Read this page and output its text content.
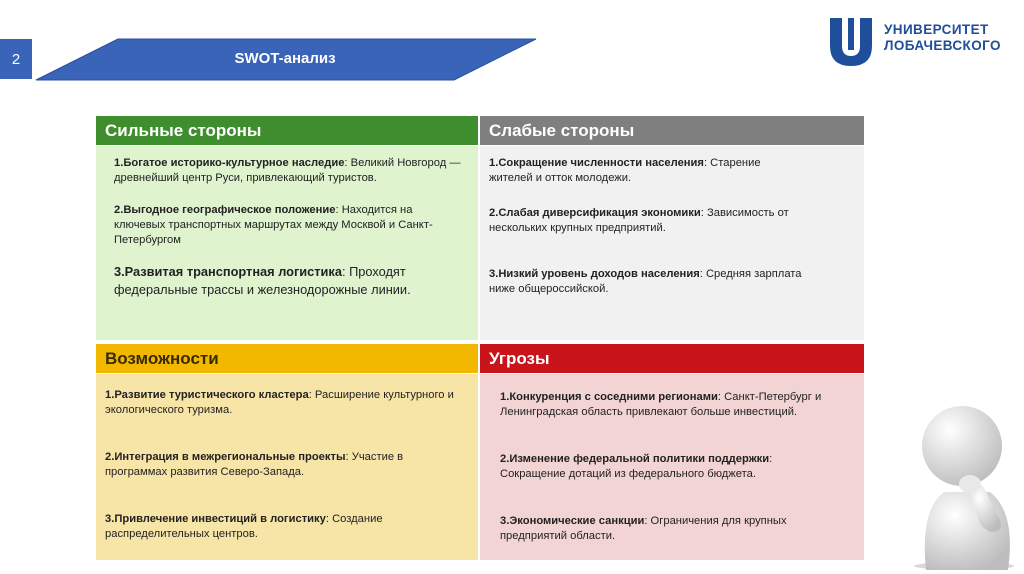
2	SWOT-анализ
УНИВЕРСИТЕТ
ЛОБАЧЕВСКОГО
Сильные стороны

1.Богатое историко-культурное наследие: Великий Новгород — древнейший центр Руси, привлекающий туристов.

2.Выгодное географическое положение: Находится на ключевых транспортных маршрутах между Москвой и Санкт-Петербургом

3.Развитая транспортная логистика: Проходят федеральные трассы и железнодорожные линии.

Слабые стороны

1.Сокращение численности населения: Старение жителей и отток молодежи.

2.Слабая диверсификация экономики: Зависимость от нескольких крупных предприятий.

3.Низкий уровень доходов населения: Средняя зарплата ниже общероссийской.

Возможности

1.Развитие туристического кластера: Расширение культурного и экологического туризма.

2.Интеграция в межрегиональные проекты: Участие в программах развития Северо-Запада.

3.Привлечение инвестиций в логистику: Создание распределительных центров.

Угрозы

1.Конкуренция с соседними регионами: Санкт-Петербург и Ленинградская область привлекают больше инвестиций.

2.Изменение федеральной политики поддержки: Сокращение дотаций из федерального бюджета.

3.Экономические санкции: Ограничения для крупных предприятий области.
